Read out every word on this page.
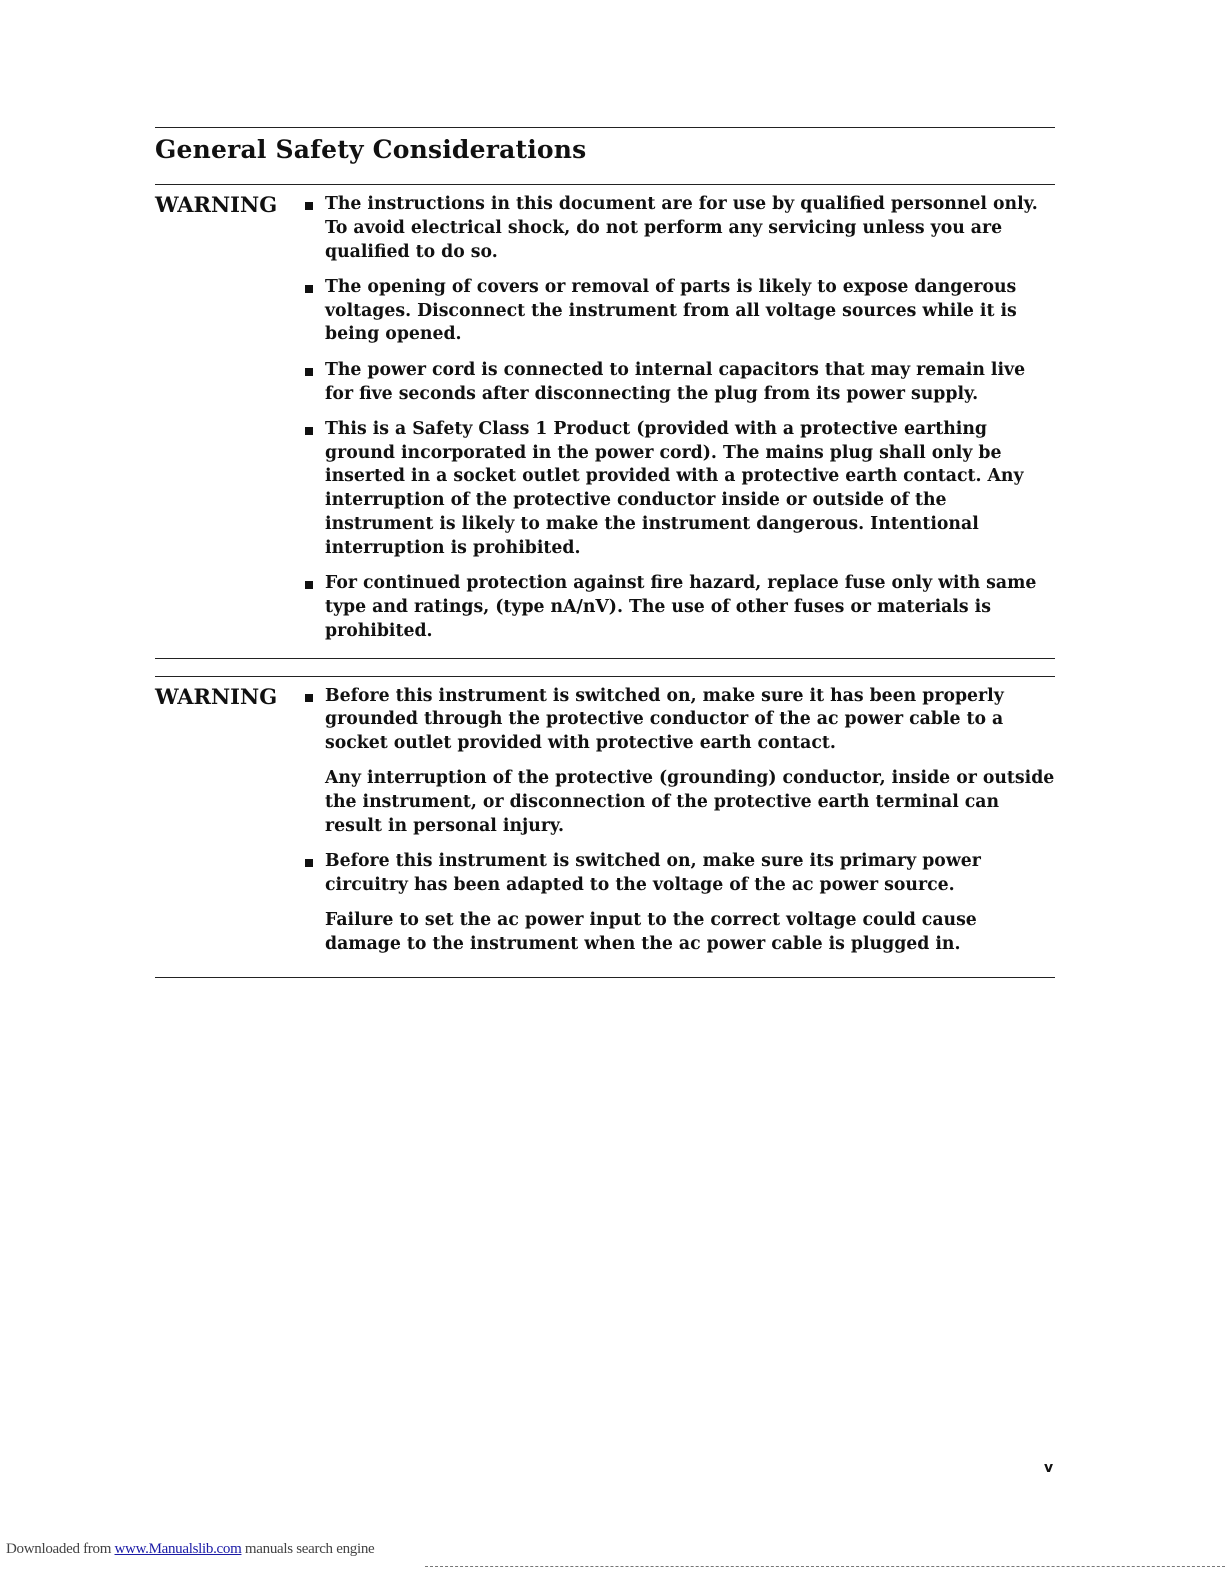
General Safety Considerations
WARNING	The instructions in this document are for use by qualified personnel only. To avoid electrical shock, do not perform any servicing unless you are qualified to do so.
The opening of covers or removal of parts is likely to expose dangerous voltages. Disconnect the instrument from all voltage sources while it is being opened.
The power cord is connected to internal capacitors that may remain live for five seconds after disconnecting the plug from its power supply.
This is a Safety Class 1 Product (provided with a protective earthing ground incorporated in the power cord). The mains plug shall only be inserted in a socket outlet provided with a protective earth contact. Any interruption of the protective conductor inside or outside of the instrument is likely to make the instrument dangerous. Intentional interruption is prohibited.
For continued protection against fire hazard, replace fuse only with same type and ratings, (type nA/nV). The use of other fuses or materials is prohibited.
WARNING	Before this instrument is switched on, make sure it has been properly grounded through the protective conductor of the ac power cable to a socket outlet provided with protective earth contact.
Any interruption of the protective (grounding) conductor, inside or outside the instrument, or disconnection of the protective earth terminal can result in personal injury.
Before this instrument is switched on, make sure its primary power circuitry has been adapted to the voltage of the ac power source.
Failure to set the ac power input to the correct voltage could cause damage to the instrument when the ac power cable is plugged in.
v
Downloaded from www.Manualslib.com manuals search engine
